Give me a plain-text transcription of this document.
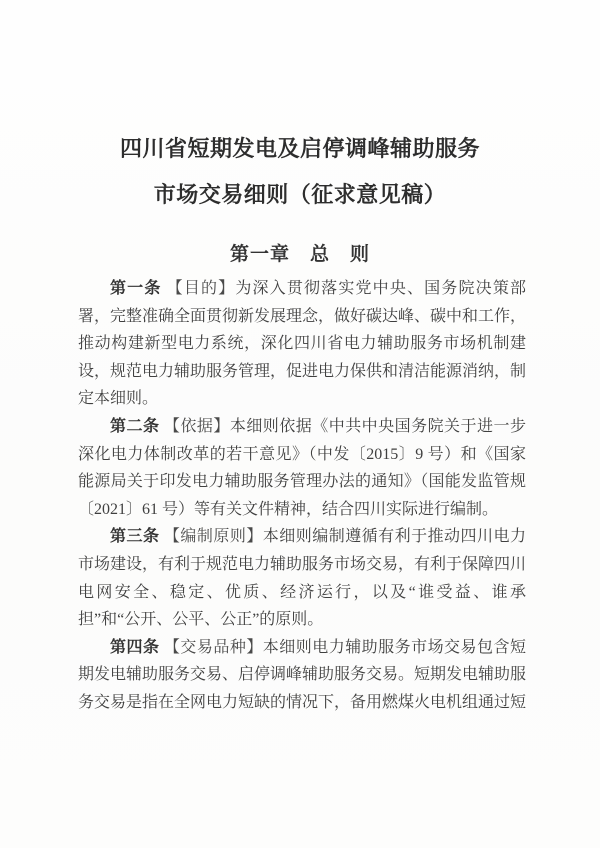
四川省短期发电及启停调峰辅助服务
市场交易细则（征求意见稿）
第一章　总　则

第一条 【目的】为深入贯彻落实党中央、国务院决策部署，完整准确全面贯彻新发展理念，做好碳达峰、碳中和工作，推动构建新型电力系统，深化四川省电力辅助服务市场机制建设，规范电力辅助服务管理，促进电力保供和清洁能源消纳，制定本细则。

第二条 【依据】本细则依据《中共中央国务院关于进一步深化电力体制改革的若干意见》（中发〔2015〕9 号）和《国家能源局关于印发电力辅助服务管理办法的通知》（国能发监管规〔2021〕61 号）等有关文件精神，结合四川实际进行编制。

第三条 【编制原则】本细则编制遵循有利于推动四川电力市场建设，有利于规范电力辅助服务市场交易，有利于保障四川电网安全、稳定、优质、经济运行，以及“谁受益、谁承担”和“公开、公平、公正”的原则。

第四条 【交易品种】本细则电力辅助服务市场交易包含短期发电辅助服务交易、启停调峰辅助服务交易。短期发电辅助服务交易是指在全网电力短缺的情况下，备用燃煤火电机组通过短
